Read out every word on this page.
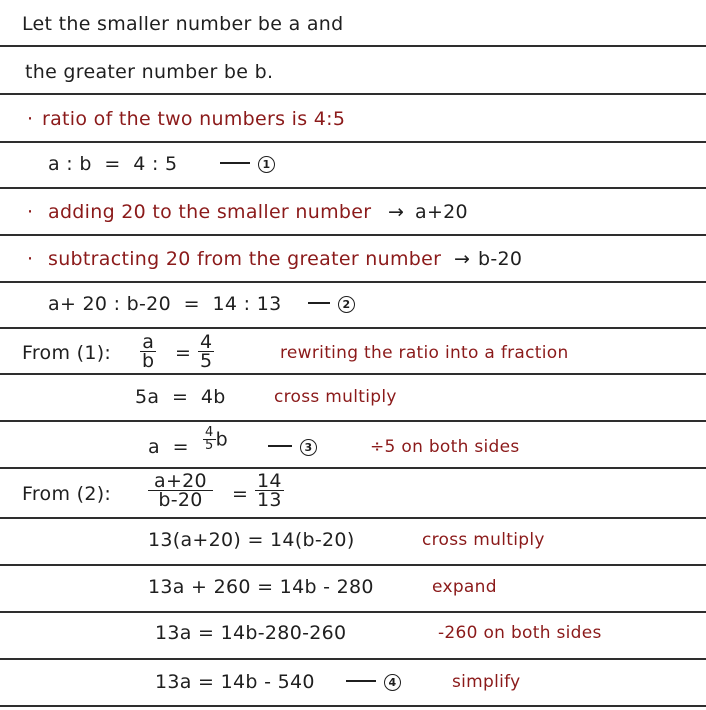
Let the smaller number be a and
the greater number be b.
· ratio of the two numbers is 4:5
a : b  =  4 : 5	1
· adding 20 to the smaller number → a+20
· subtracting 20 from the greater number → b-20
a+ 20 : b-20  =  14 : 13	2
From (1): $\frac{a}{b} = \frac{4}{5}$	rewriting the ratio into a fraction
5a  =  4b	cross multiply
$a = \frac{4}{5}$ b	3	÷5 on both sides
From (2): $\frac{a+20}{b-20} = \frac{14}{13}$
13(a+20) = 14(b-20)	cross multiply
13a + 260 = 14b - 280	expand
13a = 14b-280-260	-260 on both sides
13a = 14b - 540	4	simplify
